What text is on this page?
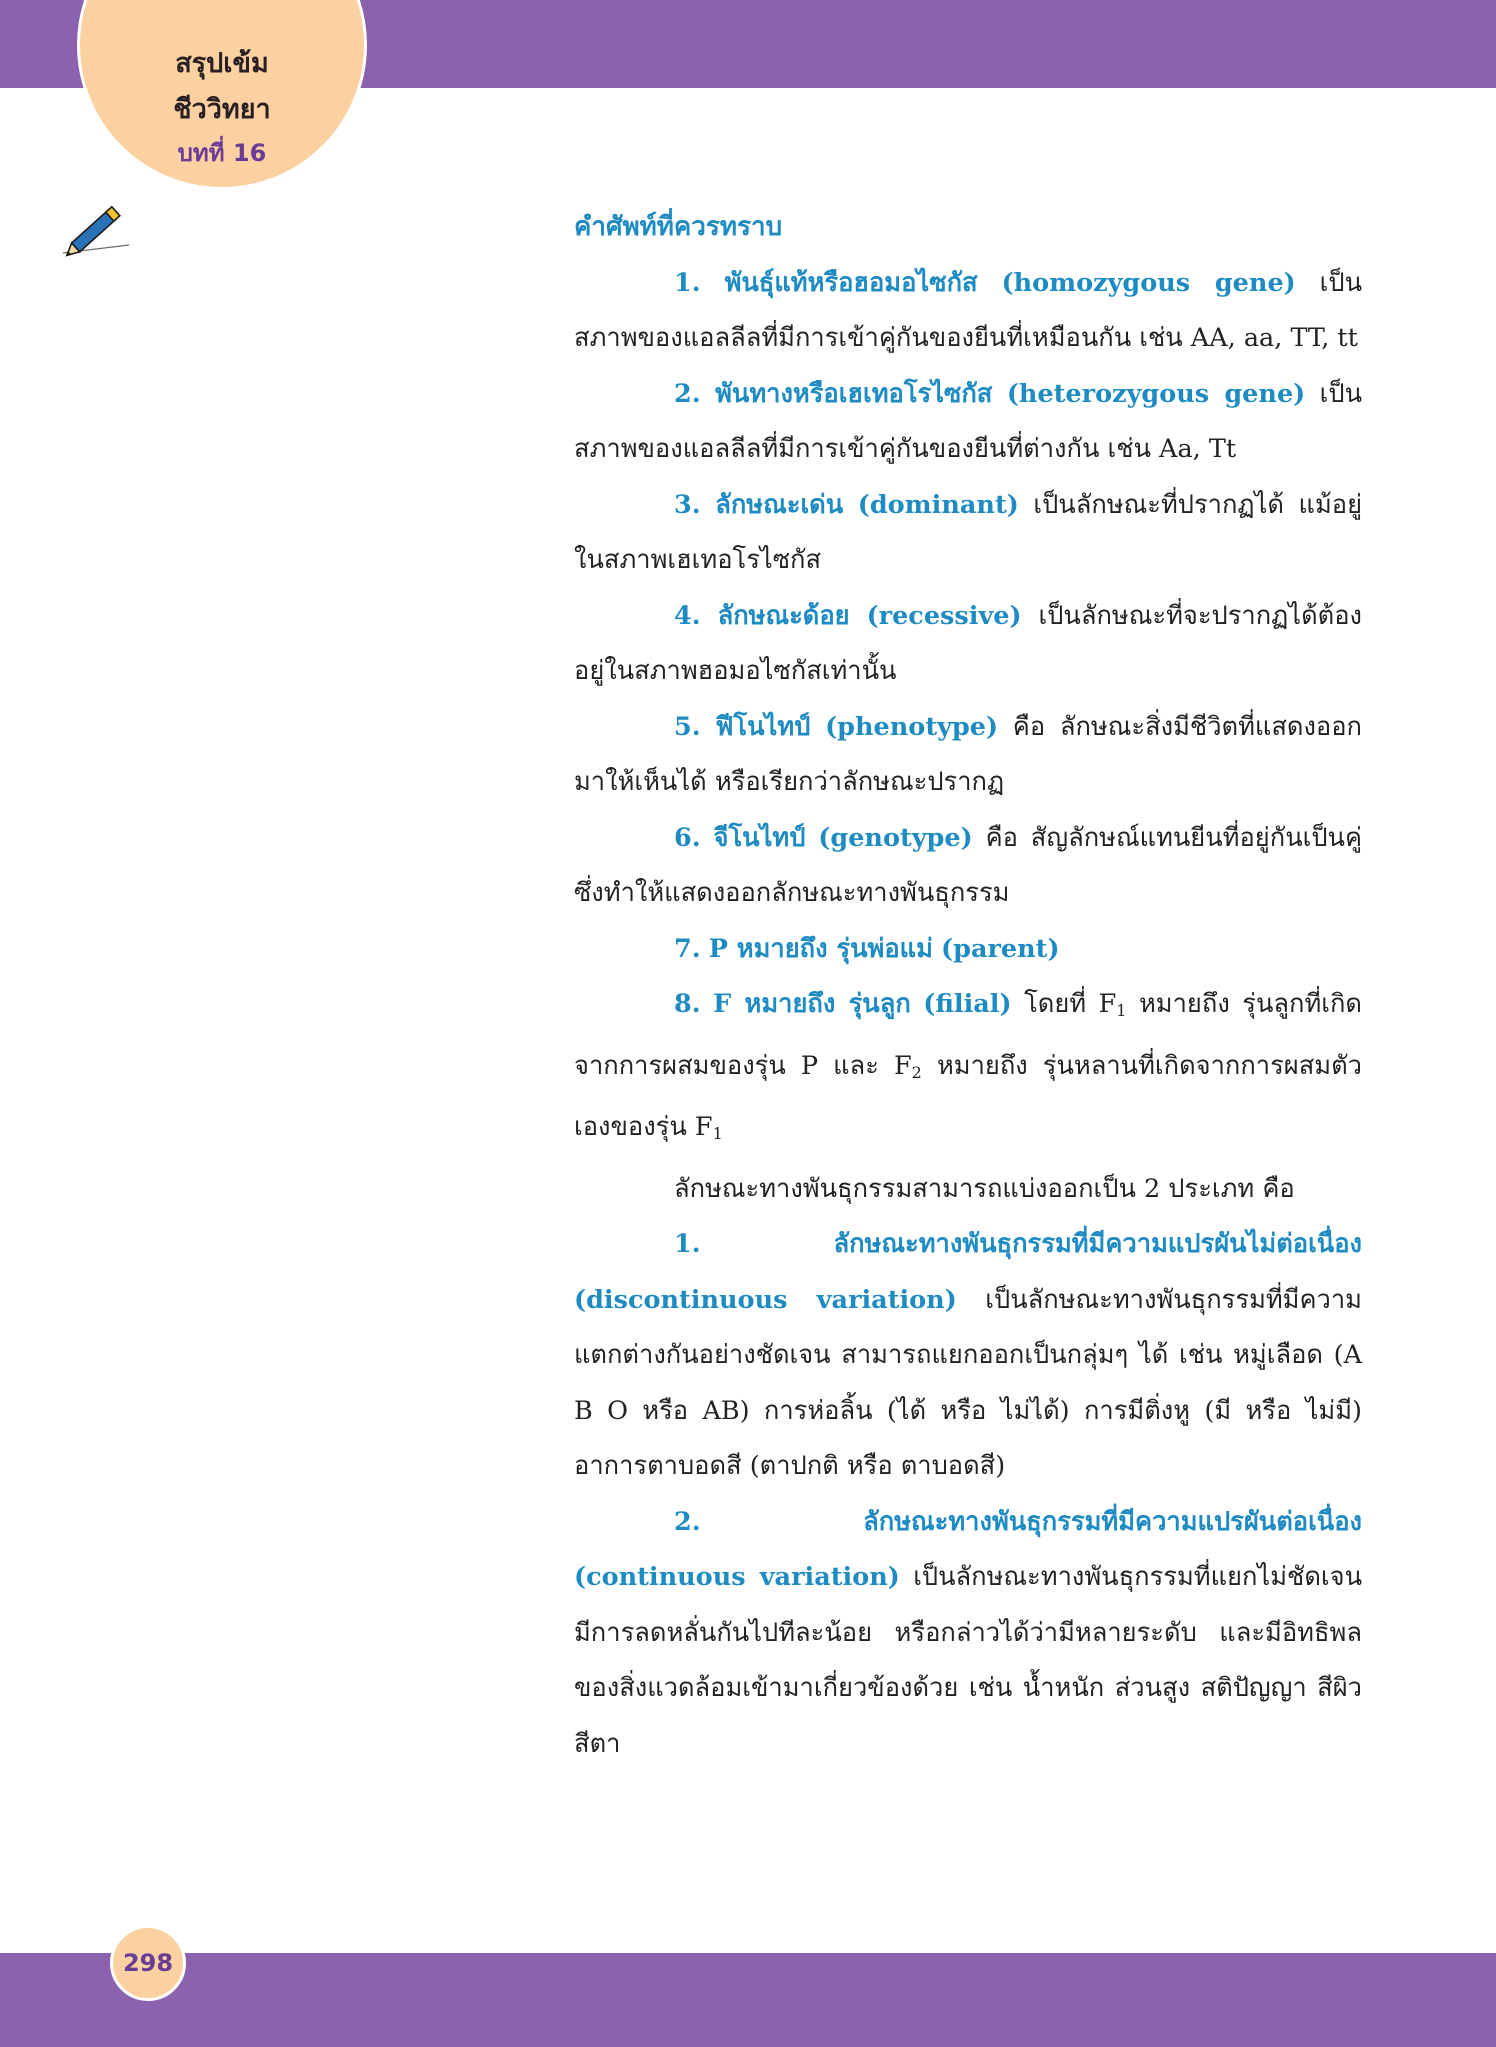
สรุปเข้ม
ชีววิทยา
บทที่ 16
คำศัพท์ที่ควรทราบ

1. พันธุ์แท้หรือฮอมอไซกัส (homozygous gene) เป็นสภาพของแอลลีลที่มีการเข้าคู่กันของยีนที่เหมือนกัน เช่น AA, aa, TT, tt

2. พันทางหรือเฮเทอโรไซกัส (heterozygous gene) เป็นสภาพของแอลลีลที่มีการเข้าคู่กันของยีนที่ต่างกัน เช่น Aa, Tt

3. ลักษณะเด่น (dominant) เป็นลักษณะที่ปรากฏได้ แม้อยู่ในสภาพเฮเทอโรไซกัส

4. ลักษณะด้อย (recessive) เป็นลักษณะที่จะปรากฏได้ต้องอยู่ในสภาพฮอมอไซกัสเท่านั้น

5. ฟีโนไทป์ (phenotype) คือ ลักษณะสิ่งมีชีวิตที่แสดงออกมาให้เห็นได้ หรือเรียกว่าลักษณะปรากฏ

6. จีโนไทป์ (genotype) คือ สัญลักษณ์แทนยีนที่อยู่กันเป็นคู่ซึ่งทำให้แสดงออกลักษณะทางพันธุกรรม

7. P หมายถึง รุ่นพ่อแม่ (parent)

8. F หมายถึง รุ่นลูก (filial) โดยที่ $F_1$ หมายถึง รุ่นลูกที่เกิดจากการผสมของรุ่น P และ $F_2$ หมายถึง รุ่นหลานที่เกิดจากการผสมตัวเองของรุ่น $F_1$

ลักษณะทางพันธุกรรมสามารถแบ่งออกเป็น 2 ประเภท คือ

1. ลักษณะทางพันธุกรรมที่มีความแปรผันไม่ต่อเนื่อง (discontinuous variation) เป็นลักษณะทางพันธุกรรมที่มีความแตกต่างกันอย่างชัดเจน สามารถแยกออกเป็นกลุ่มๆ ได้ เช่น หมู่เลือด (A B O หรือ AB) การห่อลิ้น (ได้ หรือ ไม่ได้) การมีติ่งหู (มี หรือ ไม่มี) อาการตาบอดสี (ตาปกติ หรือ ตาบอดสี)

2. ลักษณะทางพันธุกรรมที่มีความแปรผันต่อเนื่อง (continuous variation) เป็นลักษณะทางพันธุกรรมที่แยกไม่ชัดเจน มีการลดหลั่นกันไปทีละน้อย หรือกล่าวได้ว่ามีหลายระดับ และมีอิทธิพลของสิ่งแวดล้อมเข้ามาเกี่ยวข้องด้วย เช่น น้ำหนัก ส่วนสูง สติปัญญา สีผิว สีตา

298
